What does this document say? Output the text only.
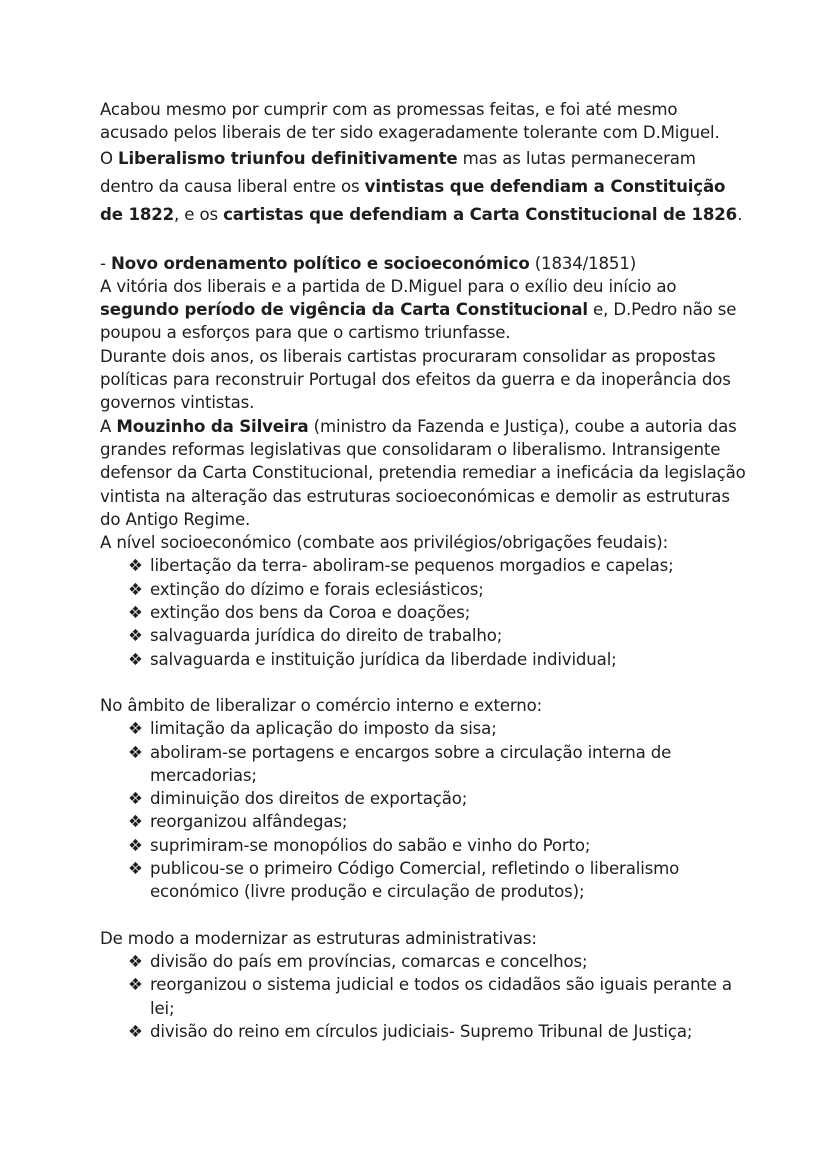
Acabou mesmo por cumprir com as promessas feitas, e foi até mesmo acusado pelos liberais de ter sido exageradamente tolerante com D.Miguel.

O Liberalismo triunfou definitivamente mas as lutas permaneceram dentro da causa liberal entre os vintistas que defendiam a Constituição de 1822, e os cartistas que defendiam a Carta Constitucional de 1826.

- Novo ordenamento político e socioeconómico (1834/1851)

A vitória dos liberais e a partida de D.Miguel para o exílio deu início ao segundo período de vigência da Carta Constitucional e, D.Pedro não se poupou a esforços para que o cartismo triunfasse.

Durante dois anos, os liberais cartistas procuraram consolidar as propostas políticas para reconstruir Portugal dos efeitos da guerra e da inoperância dos governos vintistas.

A Mouzinho da Silveira (ministro da Fazenda e Justiça), coube a autoria das grandes reformas legislativas que consolidaram o liberalismo. Intransigente defensor da Carta Constitucional, pretendia remediar a ineficácia da legislação vintista na alteração das estruturas socioeconómicas e demolir as estruturas do Antigo Regime.

A nível socioeconómico (combate aos privilégios/obrigações feudais):

❖ libertação da terra- aboliram-se pequenos morgadios e capelas;
❖ extinção do dízimo e forais eclesiásticos;
❖ extinção dos bens da Coroa e doações;
❖ salvaguarda jurídica do direito de trabalho;
❖ salvaguarda e instituição jurídica da liberdade individual;

No âmbito de liberalizar o comércio interno e externo:

❖ limitação da aplicação do imposto da sisa;
❖ aboliram-se portagens e encargos sobre a circulação interna de mercadorias;
❖ diminuição dos direitos de exportação;
❖ reorganizou alfândegas;
❖ suprimiram-se monopólios do sabão e vinho do Porto;
❖ publicou-se o primeiro Código Comercial, refletindo o liberalismo económico (livre produção e circulação de produtos);

De modo a modernizar as estruturas administrativas:

❖ divisão do país em províncias, comarcas e concelhos;
❖ reorganizou o sistema judicial e todos os cidadãos são iguais perante a lei;
❖ divisão do reino em círculos judiciais- Supremo Tribunal de Justiça;
